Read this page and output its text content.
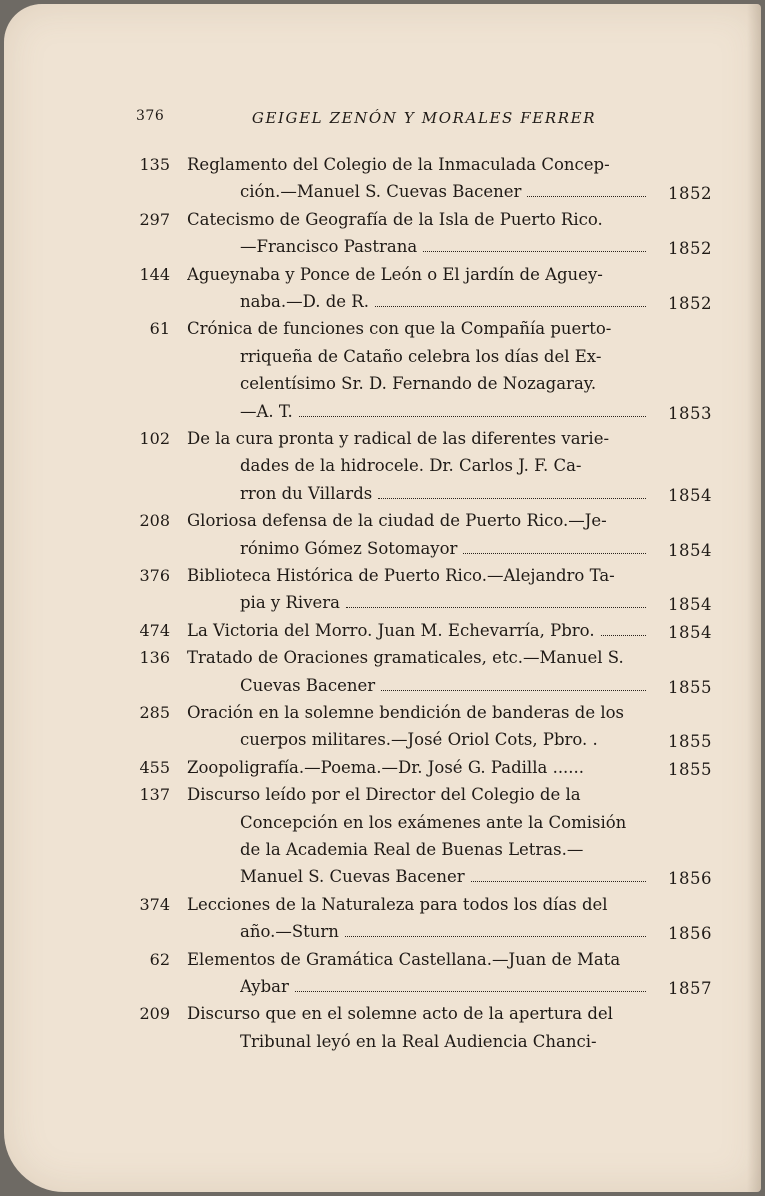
376	GEIGEL ZENÓN Y MORALES FERRER
135 Reglamento del Colegio de la Inmaculada Concep-
ción.—Manuel S. Cuevas Bacener	1852
297 Catecismo de Geografía de la Isla de Puerto Rico.
—Francisco Pastrana	1852
144 Agueynaba y Ponce de León o El jardín de Aguey-
naba.—D. de R.	1852
61 Crónica de funciones con que la Compañía puerto-
rriqueña de Cataño celebra los días del Ex-
celentísimo Sr. D. Fernando de Nozagaray.
—A. T.	1853
102 De la cura pronta y radical de las diferentes varie-
dades de la hidrocele. Dr. Carlos J. F. Ca-
rron du Villards	1854
208 Gloriosa defensa de la ciudad de Puerto Rico.—Je-
rónimo Gómez Sotomayor	1854
376 Biblioteca Histórica de Puerto Rico.—Alejandro Ta-
pia y Rivera	1854
474 La Victoria del Morro. Juan M. Echevarría, Pbro.	1854
136 Tratado de Oraciones gramaticales, etc.—Manuel S.
Cuevas Bacener	1855
285 Oración en la solemne bendición de banderas de los
cuerpos militares.—José Oriol Cots, Pbro. .	1855
455 Zoopoligrafía.—Poema.—Dr. José G. Padilla ......	1855
137 Discurso leído por el Director del Colegio de la
Concepción en los exámenes ante la Comisión
de la Academia Real de Buenas Letras.—
Manuel S. Cuevas Bacener	1856
374 Lecciones de la Naturaleza para todos los días del
año.—Sturn	1856
62 Elementos de Gramática Castellana.—Juan de Mata
Aybar	1857
209 Discurso que en el solemne acto de la apertura del
Tribunal leyó en la Real Audiencia Chanci-
